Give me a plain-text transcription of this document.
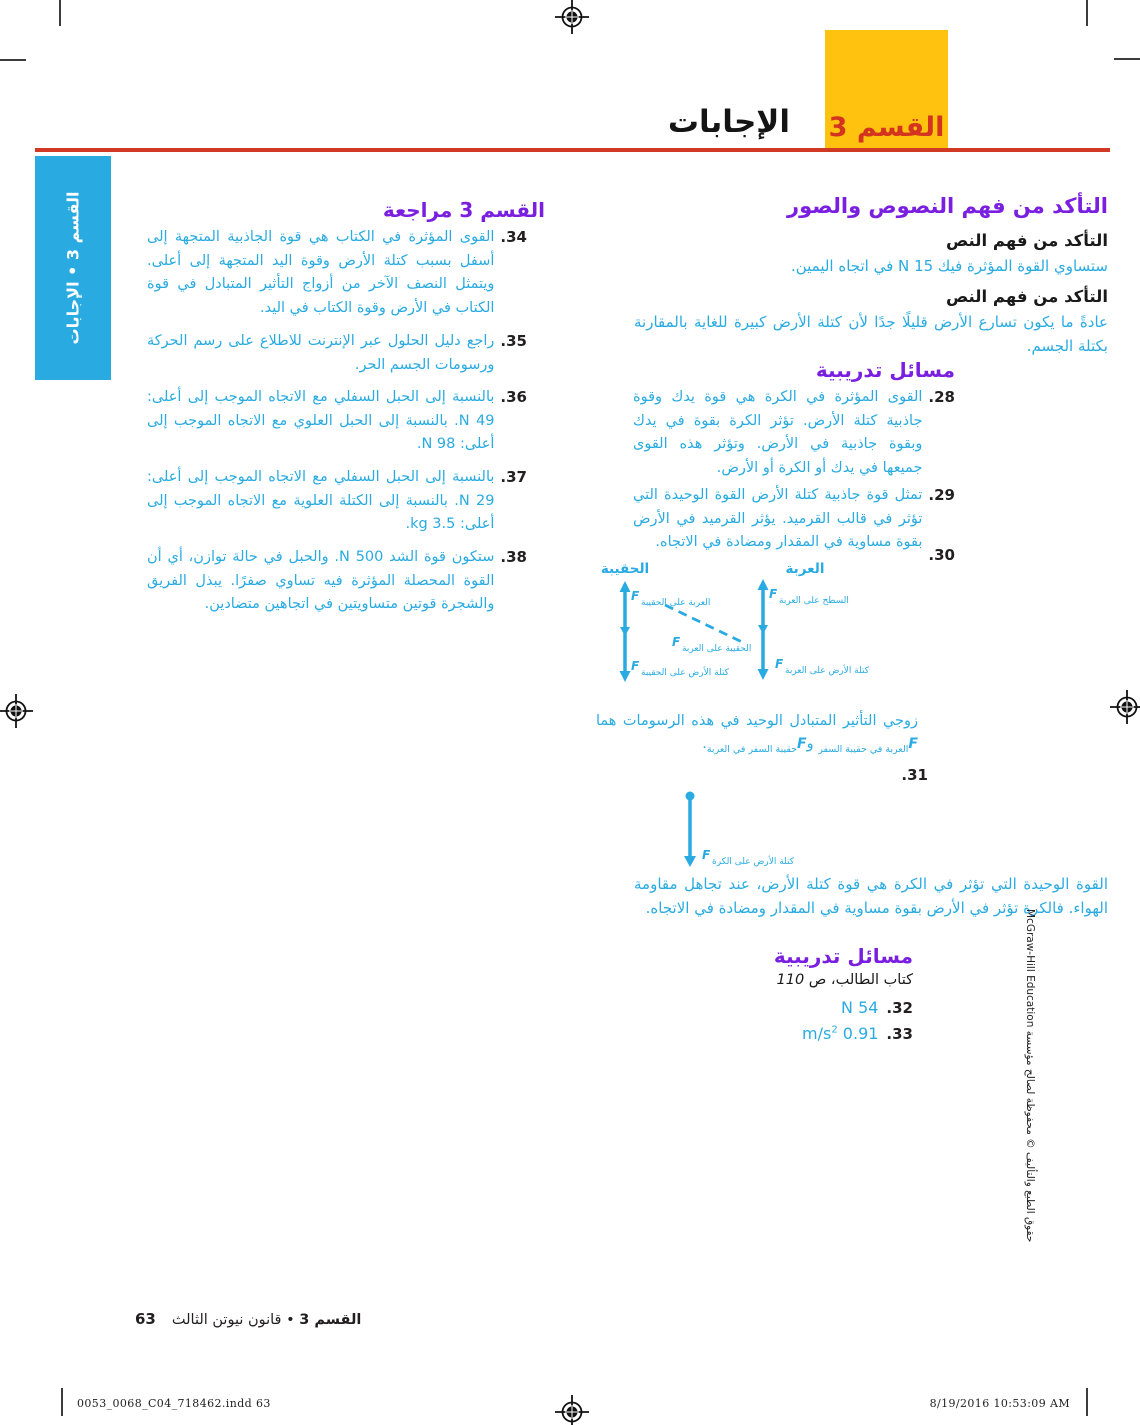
القسم 3
الإجابات
القسم 3 • الإجابات	القسم 3 مراجعة
34.
القوى المؤثرة في الكتاب هي قوة الجاذبية المتجهة إلى أسفل بسبب كتلة الأرض وقوة اليد المتجهة إلى أعلى. ويتمثل النصف الآخر من أزواج التأثير المتبادل في قوة الكتاب في الأرض وقوة الكتاب في اليد.
35.
راجع دليل الحلول عبر الإنترنت للاطلاع على رسم الحركة ورسومات الجسم الحر.
36.
بالنسبة إلى الحبل السفلي مع الاتجاه الموجب إلى أعلى: 49 N. بالنسبة إلى الحبل العلوي مع الاتجاه الموجب إلى أعلى: 98 N.
37.
بالنسبة إلى الحبل السفلي مع الاتجاه الموجب إلى أعلى: 29 N. بالنسبة إلى الكتلة العلوية مع الاتجاه الموجب إلى أعلى: 3.5 kg.
38.
ستكون قوة الشد 500 N. والحبل في حالة توازن، أي أن القوة المحصلة المؤثرة فيه تساوي صفرًا. يبذل الفريق والشجرة قوتين متساويتين في اتجاهين متضادين.
التأكد من فهم النصوص والصور
التأكد من فهم النص
ستساوي القوة المؤثرة فيك 15 N في اتجاه اليمين.
التأكد من فهم النص
عادةً ما يكون تسارع الأرض قليلًا جدًا لأن كتلة الأرض كبيرة للغاية بالمقارنة بكتلة الجسم.
مسائل تدريبية
28.
القوى المؤثرة في الكرة هي قوة يدك وقوة جاذبية كتلة الأرض. تؤثر الكرة بقوة في يدك وبقوة جاذبية في الأرض. وتؤثر هذه القوى جميعها في يدك أو الكرة أو الأرض.
29.
تمثل قوة جاذبية كتلة الأرض القوة الوحيدة التي تؤثر في قالب القرميد. يؤثر القرميد في الأرض بقوة مساوية في المقدار ومضادة في الاتجاه.
30.
الحقيبة	العربة
F العربة على الحقيبة
F كتلة الأرض على الحقيبة
F السطح على العربة
F كتلة الأرض على العربة
F الحقيبة على العربة
زوجي التأثير المتبادل الوحيد في هذه الرسومات هما $F_{العربة في حقيبة السفر}$ وF$_{حقيبة السفر في العربة}$.
31.
F كتلة الأرض على الكرة
القوة الوحيدة التي تؤثر في الكرة هي قوة كتلة الأرض، عند تجاهل مقاومة الهواء. فالكرة تؤثر في الأرض بقوة مساوية في المقدار ومضادة في الاتجاه.
مسائل تدريبية
كتاب الطالب، ص 110
32.
54 N
33.
0.91 $m/s^2$
حقوق الطبع والتأليف © محفوظة لصالح مؤسسة McGraw-Hill Education
63	القسم 3 • قانون نيوتن الثالث
0053_0068_C04_718462.indd 63	8/19/2016 10:53:09 AM
